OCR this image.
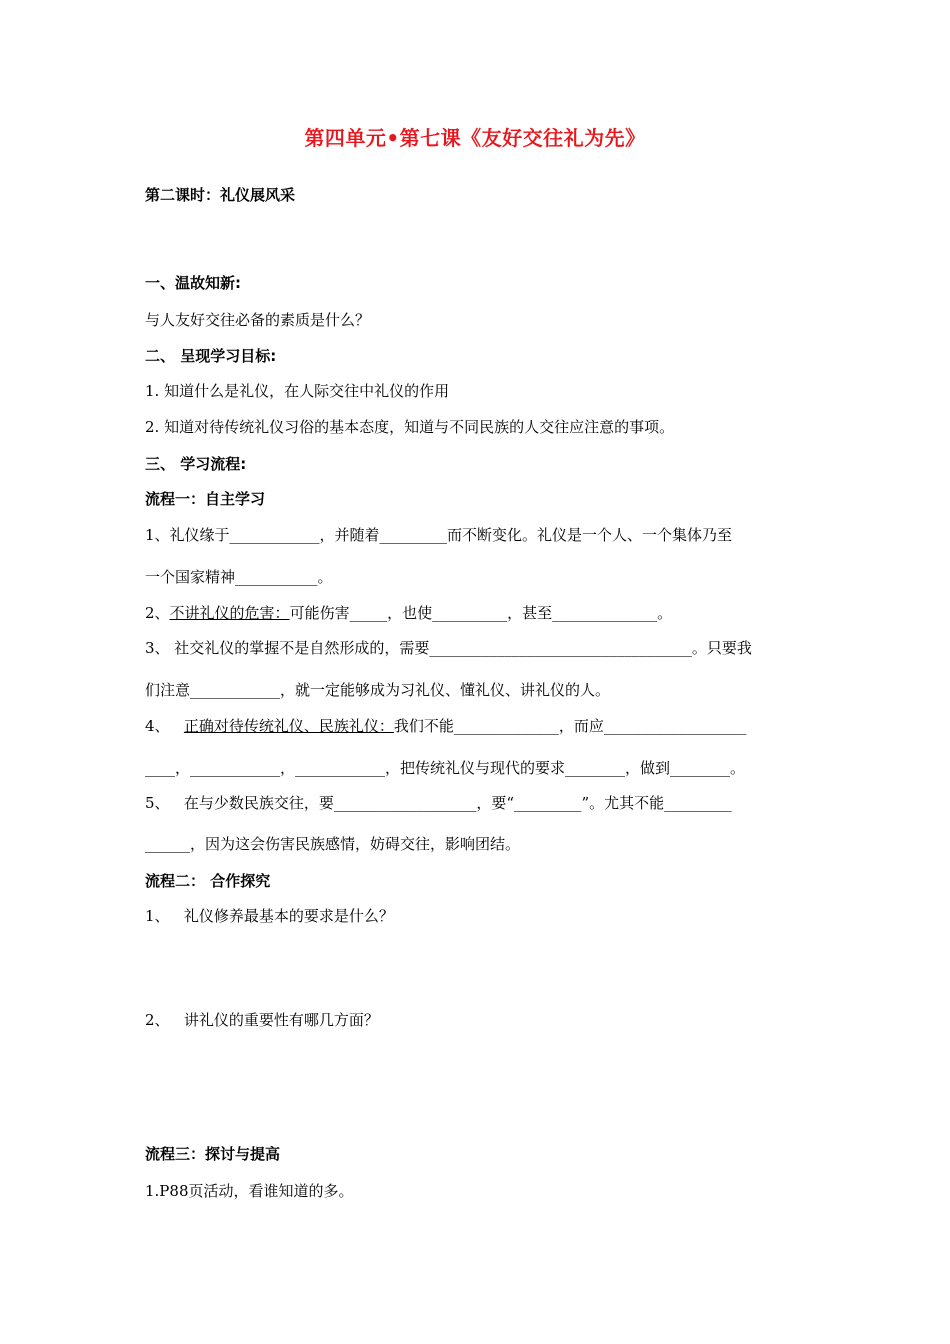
第四单元•第七课《友好交往礼为先》
第二课时：礼仪展风采
一、温故知新:
与人友好交往必备的素质是什么？
二、 呈现学习目标:
1. 知道什么是礼仪，在人际交往中礼仪的作用
2. 知道对待传统礼仪习俗的基本态度，知道与不同民族的人交往应注意的事项。
三、 学习流程:
流程一：自主学习
1、礼仪缘于____________，并随着_________而不断变化。礼仪是一个人、一个集体乃至
一个国家精神___________。
2、不讲礼仪的危害：可能伤害_____，也使__________，甚至______________。
3、 社交礼仪的掌握不是自然形成的，需要___________________________________。只要我
们注意____________，就一定能够成为习礼仪、懂礼仪、讲礼仪的人。
4、   正确对待传统礼仪、民族礼仪：我们不能______________，而应___________________
____，____________，____________，把传统礼仪与现代的要求________，做到________。
5、   在与少数民族交往，要___________________，要“_________”。尤其不能_________
______，因为这会伤害民族感情，妨碍交往，影响团结。
流程二： 合作探究
1、   礼仪修养最基本的要求是什么？
2、   讲礼仪的重要性有哪几方面？
流程三：探讨与提高
1.P88页活动，看谁知道的多。
